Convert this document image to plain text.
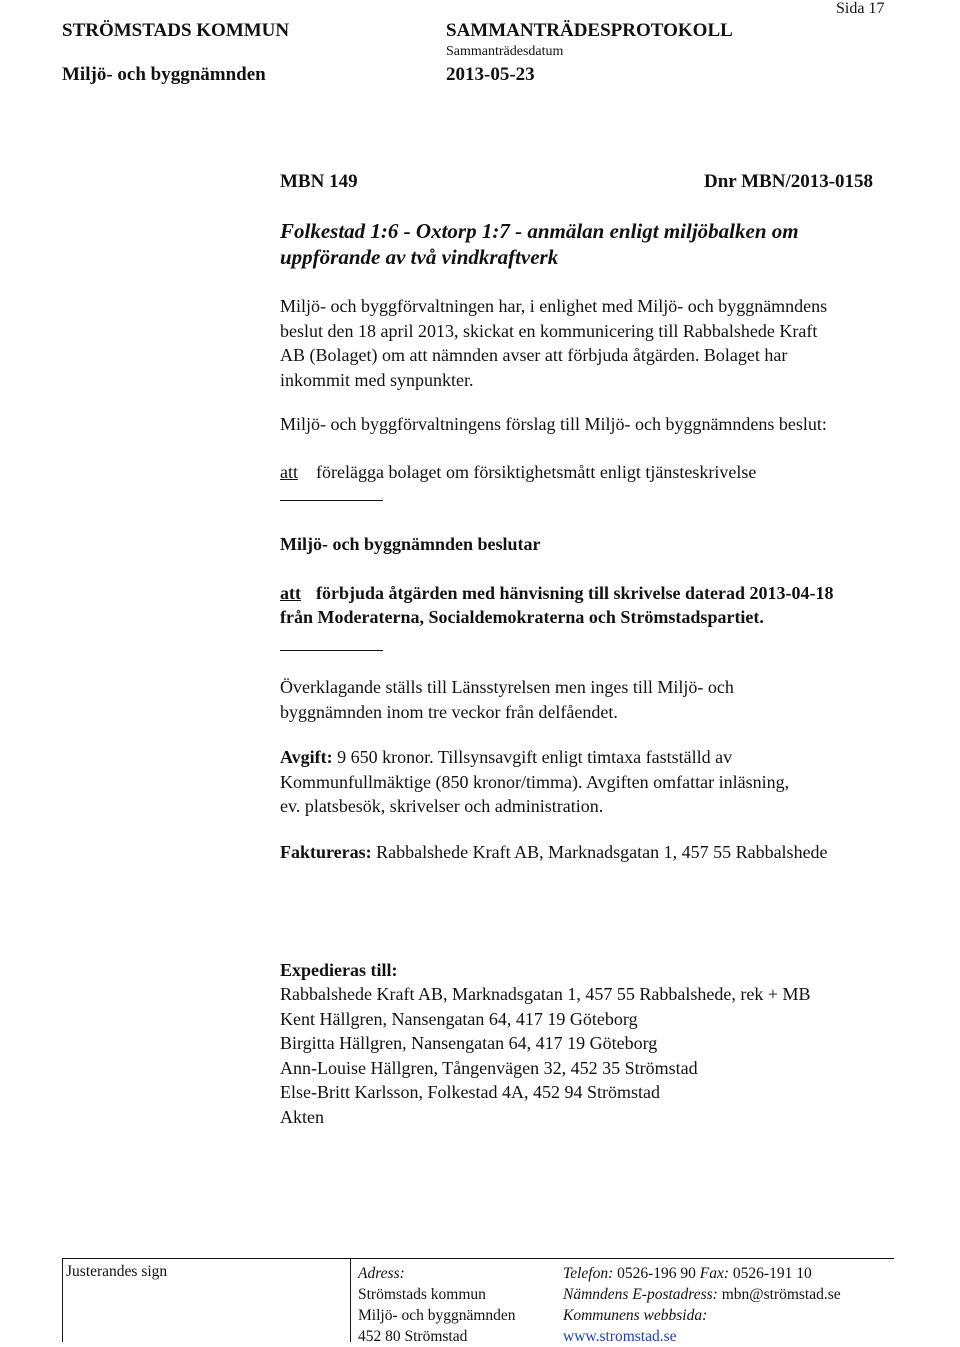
STRÖMSTADS KOMMUN	SAMMANTRÄDESPROTOKOLL
Sida 17
Sammanträdesdatum
Miljö- och byggnämnden	2013-05-23
MBN 149	Dnr MBN/2013-0158
Folkestad 1:6 - Oxtorp 1:7 - anmälan enligt miljöbalken om
uppförande av två vindkraftverk
Miljö- och byggförvaltningen har, i enlighet med Miljö- och byggnämndens
beslut den 18 april 2013, skickat en kommunicering till Rabbalshede Kraft
AB (Bolaget) om att nämnden avser att förbjuda åtgärden. Bolaget har
inkommit med synpunkter.
Miljö- och byggförvaltningens förslag till Miljö- och byggnämndens beslut:
att förelägga bolaget om försiktighetsmått enligt tjänsteskrivelse
Miljö- och byggnämnden beslutar
att förbjuda åtgärden med hänvisning till skrivelse daterad 2013-04-18
från Moderaterna, Socialdemokraterna och Strömstadspartiet.
Överklagande ställs till Länsstyrelsen men inges till Miljö- och
byggnämnden inom tre veckor från delfåendet.
Avgift: 9 650 kronor. Tillsynsavgift enligt timtaxa fastställd av
Kommunfullmäktige (850 kronor/timma). Avgiften omfattar inläsning,
ev. platsbesök, skrivelser och administration.
Faktureras: Rabbalshede Kraft AB, Marknadsgatan 1, 457 55 Rabbalshede
Expedieras till:
Rabbalshede Kraft AB, Marknadsgatan 1, 457 55 Rabbalshede, rek + MB
Kent Hällgren, Nansengatan 64, 417 19 Göteborg
Birgitta Hällgren, Nansengatan 64, 417 19 Göteborg
Ann-Louise Hällgren, Tångenvägen 32, 452 35 Strömstad
Else-Britt Karlsson, Folkestad 4A, 452 94 Strömstad
Akten
Justerandes sign	Adress:
Strömstads kommun
Miljö- och byggnämnden
452 80 Strömstad
Telefon: 0526-196 90 Fax: 0526-191 10
Nämndens E-postadress: mbn@strömstad.se
Kommunens webbsida:
www.stromstad.se
